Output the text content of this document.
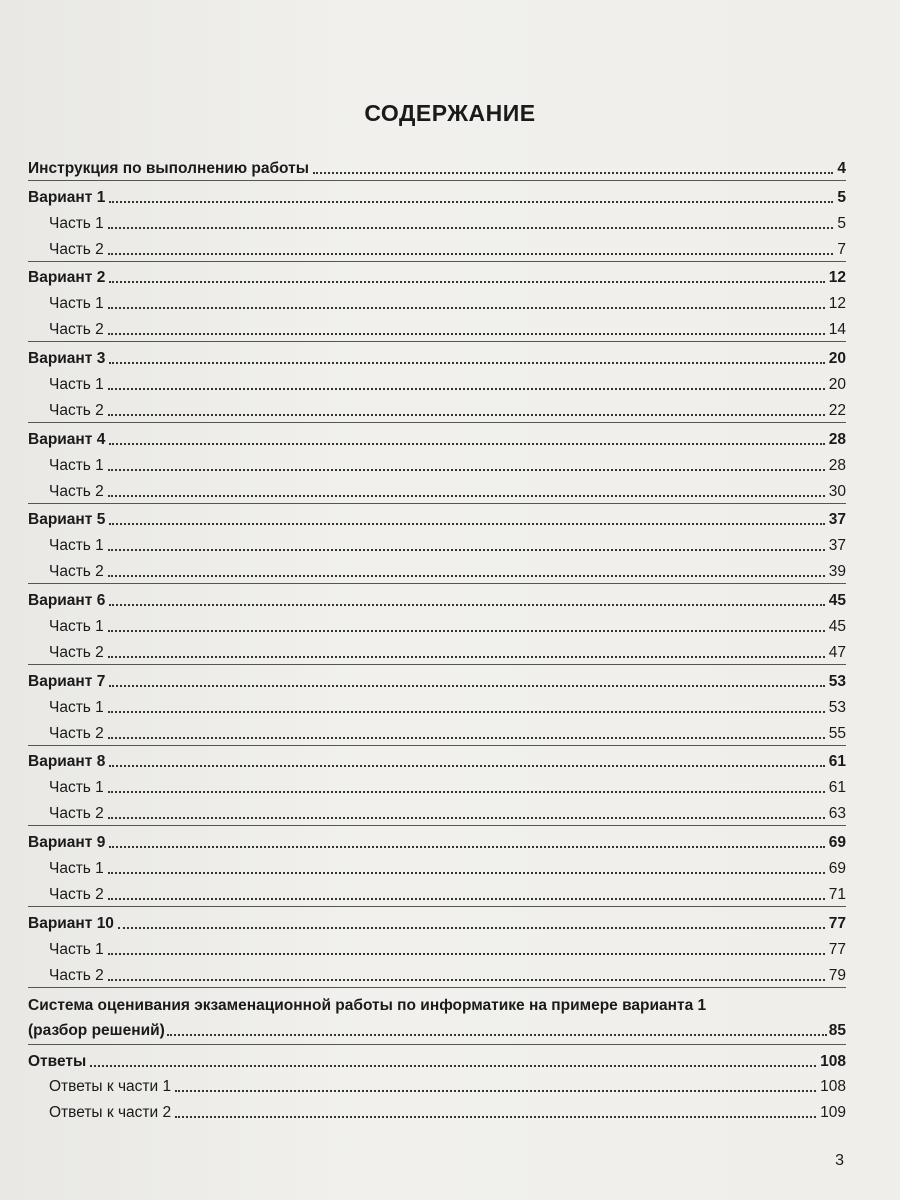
СОДЕРЖАНИЕ
Инструкция по выполнению работы	4
Вариант 1	5
Часть 1	5
Часть 2	7
Вариант 2	12
Часть 1	12
Часть 2	14
Вариант 3	20
Часть 1	20
Часть 2	22
Вариант 4	28
Часть 1	28
Часть 2	30
Вариант 5	37
Часть 1	37
Часть 2	39
Вариант 6	45
Часть 1	45
Часть 2	47
Вариант 7	53
Часть 1	53
Часть 2	55
Вариант 8	61
Часть 1	61
Часть 2	63
Вариант 9	69
Часть 1	69
Часть 2	71
Вариант 10	77
Часть 1	77
Часть 2	79
Система оценивания экзаменационной работы по информатике на примере варианта 1
(разбор решений)	85
Ответы	108
Ответы к части 1	108
Ответы к части 2	109
3
